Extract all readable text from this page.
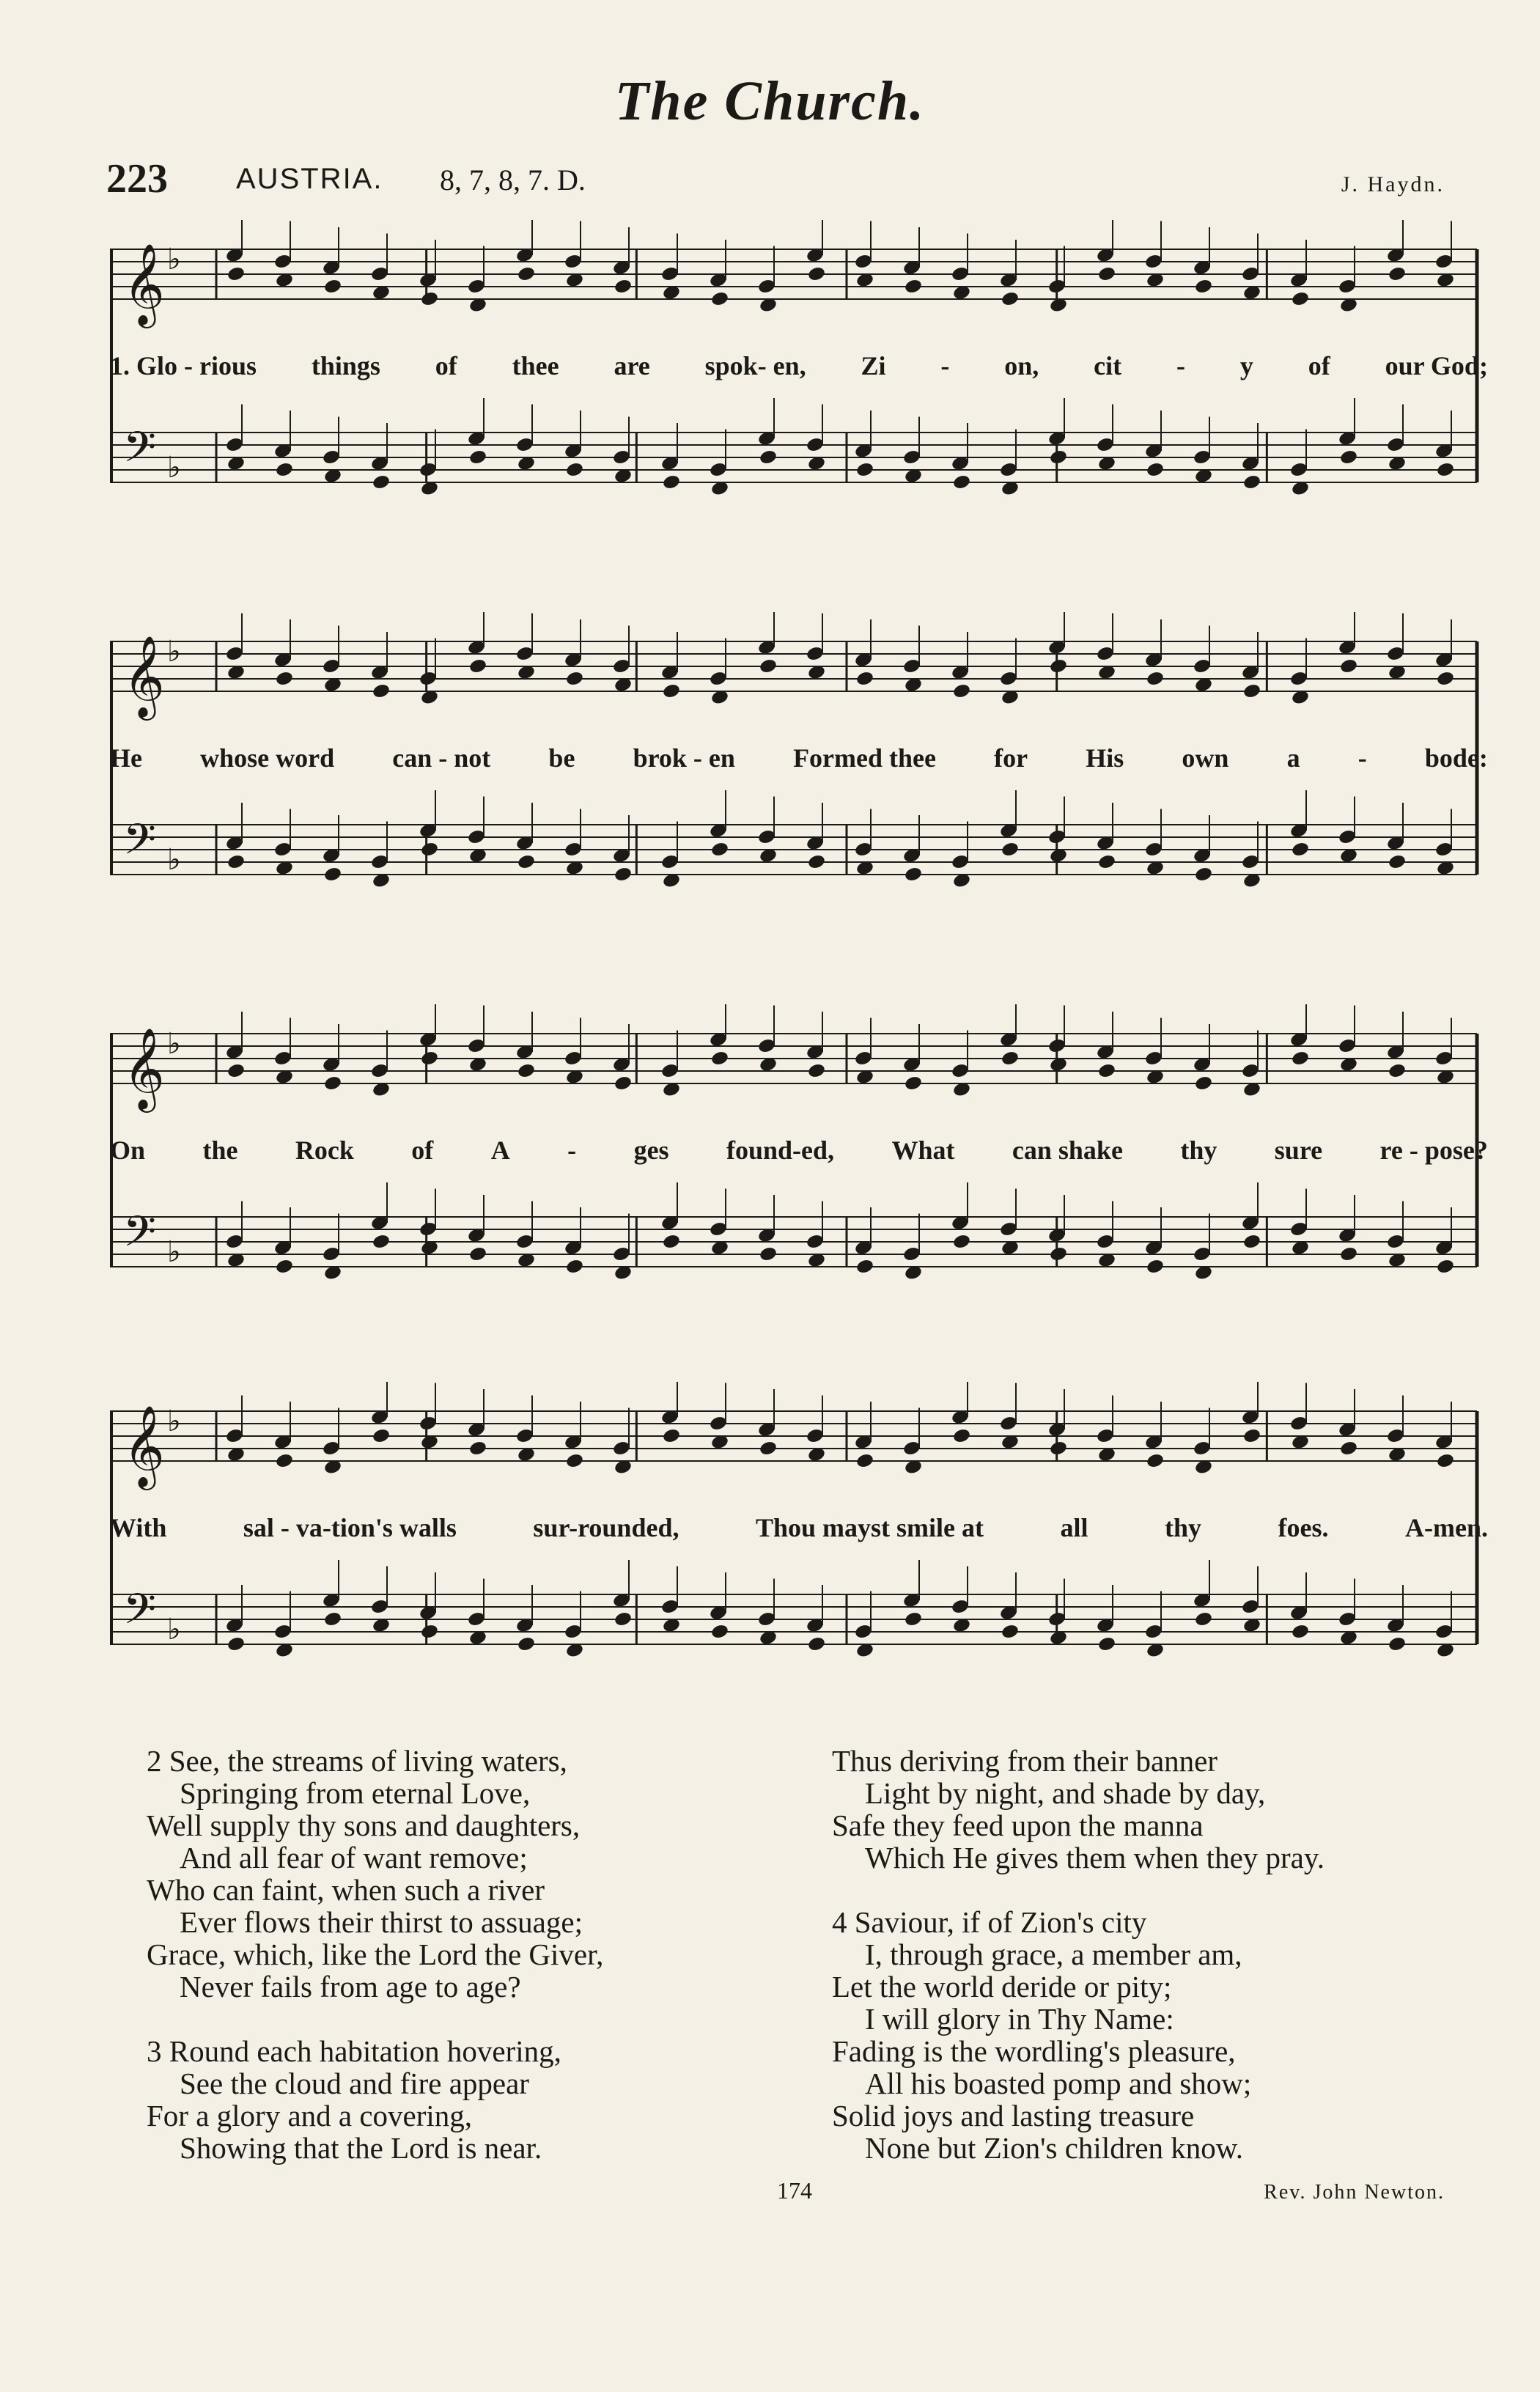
The Church.
223 AUSTRIA. 8, 7, 8, 7. D.	J. Haydn.
𝄞 ♭
𝄢 ♭
1. Glo - rious things of thee are spok- en, Zi - on, cit - y of our God;
𝄞 ♭
𝄢 ♭
He whose word can - not be brok - en Formed thee for His own a - bode:
𝄞 ♭
𝄢 ♭
On the Rock of A - ges found-ed, What can shake thy sure re - pose?
𝄞 ♭
𝄢 ♭
With	sal - va-tion's walls	sur-rounded,	Thou mayst smile at	all	thy	foes.	A-men.
2 See, the streams of living waters,
Springing from eternal Love,
Well supply thy sons and daughters,
And all fear of want remove;
Who can faint, when such a river
Ever flows their thirst to assuage;
Grace, which, like the Lord the Giver,
Never fails from age to age?
3 Round each habitation hovering,
See the cloud and fire appear
For a glory and a covering,
Showing that the Lord is near.
Thus deriving from their banner
Light by night, and shade by day,
Safe they feed upon the manna
Which He gives them when they pray.
4 Saviour, if of Zion's city
I, through grace, a member am,
Let the world deride or pity;
I will glory in Thy Name:
Fading is the wordling's pleasure,
All his boasted pomp and show;
Solid joys and lasting treasure
None but Zion's children know.
174	Rev. John Newton.
